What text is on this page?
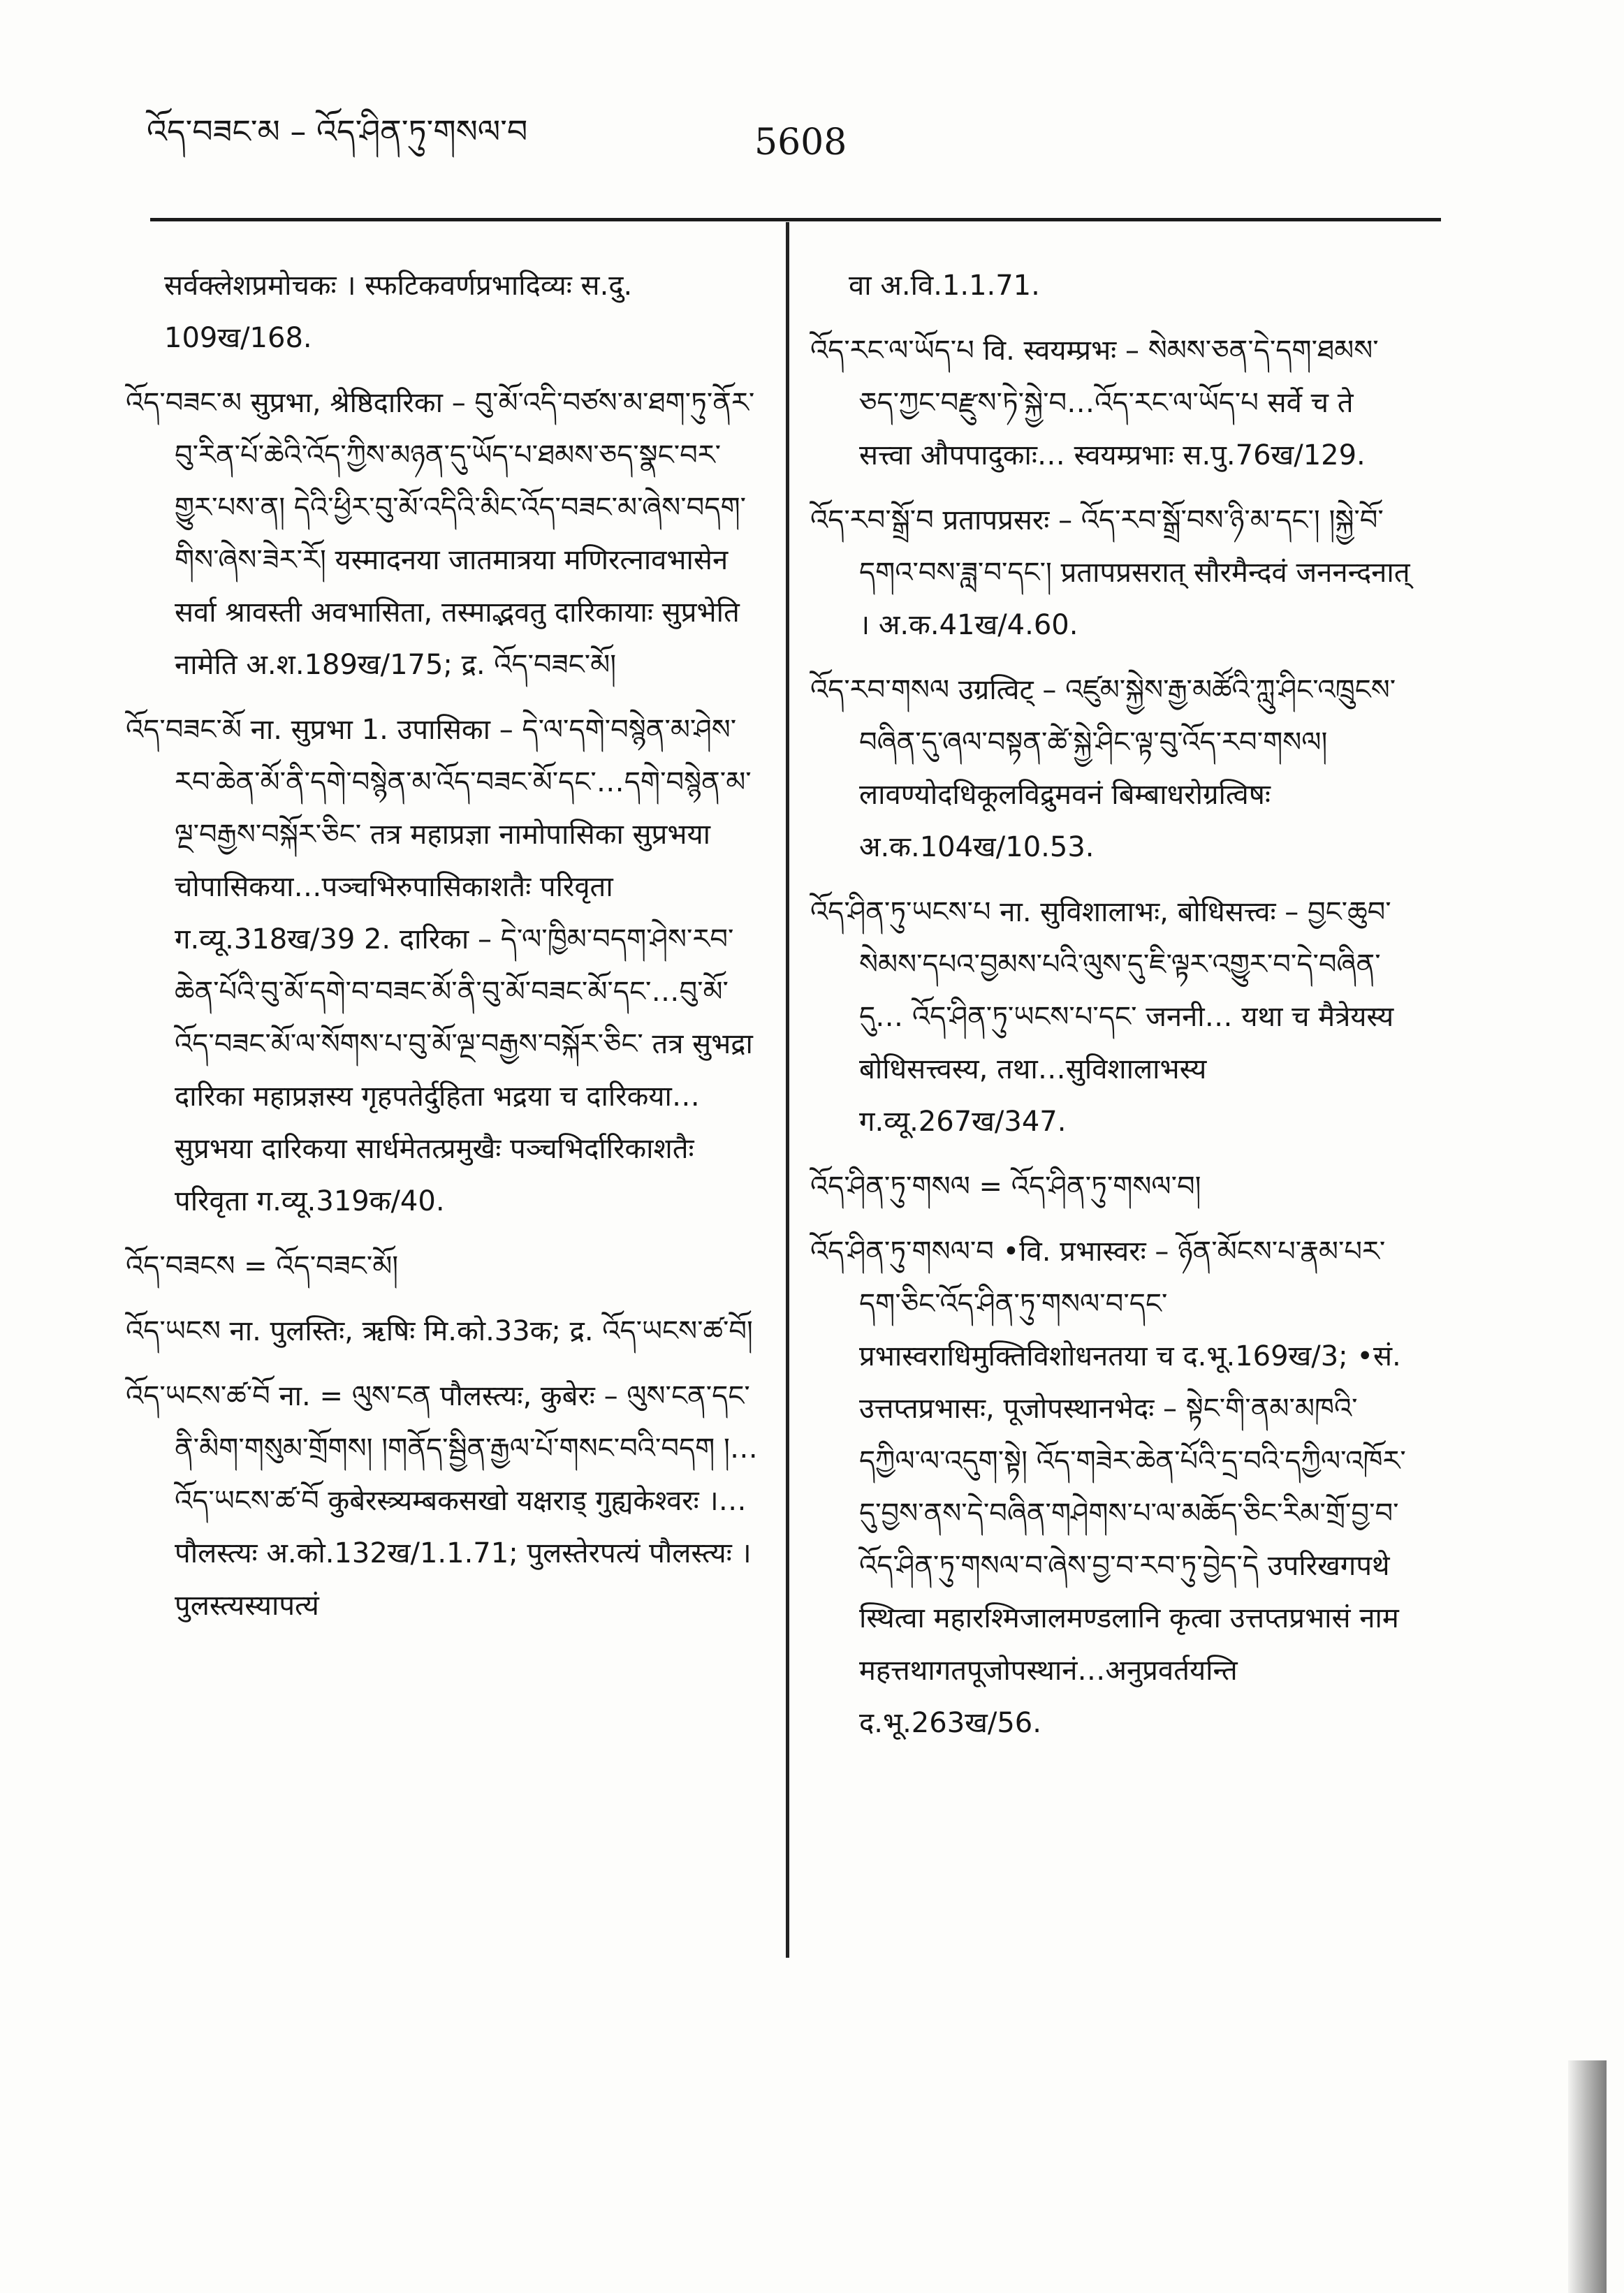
འོད་བཟང་མ – འོད་ཤིན་ཏུ་གསལ་བ	5608

सर्वक्लेशप्रमोचकः । स्फटिकवर्णप्रभादिव्यः स.दु. 109ख/168.

འོད་བཟང་མ सुप्रभा, श्रेष्ठिदारिका – བུ་མོ་འདི་བཙས་མ་ཐག་ཏུ་ནོར་བུ་རིན་པོ་ཆེའི་འོད་ཀྱིས་མཉན་དུ་ཡོད་པ་ཐམས་ཅད་སྣང་བར་གྱུར་པས་ན། དེའི་ཕྱིར་བུ་མོ་འདིའི་མིང་འོད་བཟང་མ་ཞེས་བདག་གིས་ཞེས་ཟེར་རོ། यस्मादनया जातमात्रया मणिरत्नावभासेन सर्वा श्रावस्ती अवभासिता, तस्माद्भवतु दारिकायाः सुप्रभेति नामेति अ.श.189ख/175; द्र. འོད་བཟང་མོ།

འོད་བཟང་མོ ना. सुप्रभा 1. उपासिका – དེ་ལ་དགེ་བསྙེན་མ་ཤེས་རབ་ཆེན་མོ་ནི་དགེ་བསྙེན་མ་འོད་བཟང་མོ་དང་…དགེ་བསྙེན་མ་ལྔ་བརྒྱས་བསྐོར་ཅིང་ तत्र महाप्रज्ञा नामोपासिका सुप्रभया चोपासिकया…पञ्चभिरुपासिकाशतैः परिवृता ग.व्यू.318ख/39 2. दारिका – དེ་ལ་ཁྱིམ་བདག་ཤེས་རབ་ཆེན་པོའི་བུ་མོ་དགེ་བ་བཟང་མོ་ནི་བུ་མོ་བཟང་མོ་དང་…བུ་མོ་འོད་བཟང་མོ་ལ་སོགས་པ་བུ་མོ་ལྔ་བརྒྱས་བསྐོར་ཅིང་ तत्र सुभद्रा दारिका महाप्रज्ञस्य गृहपतेर्दुहिता भद्रया च दारिकया…सुप्रभया दारिकया सार्धमेतत्प्रमुखैः पञ्चभिर्दारिकाशतैः परिवृता ग.व्यू.319क/40.

འོད་བཟངས = འོད་བཟང་མོ།

འོད་ཡངས ना. पुलस्तिः, ऋषिः मि.को.33क; द्र. འོད་ཡངས་ཚ་བོ།

འོད་ཡངས་ཚ་བོ ना. = ལུས་ངན पौलस्त्यः, कुबेरः – ལུས་ངན་དང་ནི་མིག་གསུམ་གྲོགས། །གནོད་སྦྱིན་རྒྱལ་པོ་གསང་བའི་བདག །…འོད་ཡངས་ཚ་བོ कुबेरस्त्र्यम्बकसखो यक्षराड् गुह्यकेश्वरः ।…पौलस्त्यः अ.को.132ख/1.1.71; पुलस्तेरपत्यं पौलस्त्यः । पुलस्त्यस्यापत्यं

वा अ.वि.1.1.71.

འོད་རང་ལ་ཡོད་པ वि. स्वयम्प्रभः – སེམས་ཅན་དེ་དག་ཐམས་ཅད་ཀྱང་བརྫུས་ཏེ་སྐྱེ་བ…འོད་རང་ལ་ཡོད་པ सर्वे च ते सत्त्वा औपपादुकाः… स्वयम्प्रभाः स.पु.76ख/129.

འོད་རབ་སྒྲོ་བ प्रतापप्रसरः – འོད་རབ་སྒྲོ་བས་ཉི་མ་དང་། །སྐྱེ་བོ་དགའ་བས་ཟླ་བ་དང་། प्रतापप्रसरात् सौरमैन्दवं जननन्दनात् । अ.क.41ख/4.60.

འོད་རབ་གསལ उग्रत्विट् – འཛུམ་སྐྱེས་རྒྱ་མཚོའི་ཀླུ་ཤིང་འཁྲུངས་བཞིན་དུ་ཞལ་བསྟན་ཚེ་སྐྱེ་ཤིང་ལྟ་བུ་འོད་རབ་གསལ། लावण्योदधिकूलविद्रुमवनं बिम्बाधरोग्रत्विषः अ.क.104ख/10.53.

འོད་ཤིན་ཏུ་ཡངས་པ ना. सुविशालाभः, बोधिसत्त्वः – བྱང་ཆུབ་སེམས་དཔའ་བྱམས་པའི་ལུས་དུ་ཇི་ལྟར་འགྱུར་བ་དེ་བཞིན་དུ… འོད་ཤིན་ཏུ་ཡངས་པ་དང་ जननी… यथा च मैत्रेयस्य बोधिसत्त्वस्य, तथा…सुविशालाभस्य ग.व्यू.267ख/347.

འོད་ཤིན་ཏུ་གསལ = འོད་ཤིན་ཏུ་གསལ་བ།

འོད་ཤིན་ཏུ་གསལ་བ •वि. प्रभास्वरः – ཉོན་མོངས་པ་རྣམ་པར་དག་ཅིང་འོད་ཤིན་ཏུ་གསལ་བ་དང་ प्रभास्वराधिमुक्तिविशोधनतया च द.भू.169ख/3; •सं. उत्तप्तप्रभासः, पूजोपस्थानभेदः – སྟེང་གི་ནམ་མཁའི་དཀྱིལ་ལ་འདུག་སྟེ། འོད་གཟེར་ཆེན་པོའི་དྲ་བའི་དཀྱིལ་འཁོར་དུ་བྱས་ནས་དེ་བཞིན་གཤེགས་པ་ལ་མཆོད་ཅིང་རིམ་གྲོ་བྱ་བ་འོད་ཤིན་ཏུ་གསལ་བ་ཞེས་བྱ་བ་རབ་ཏུ་བྱེད་དེ उपरिखगपथे स्थित्वा महारश्मिजालमण्डलानि कृत्वा उत्तप्तप्रभासं नाम महत्तथागतपूजोपस्थानं…अनुप्रवर्तयन्ति द.भू.263ख/56.
